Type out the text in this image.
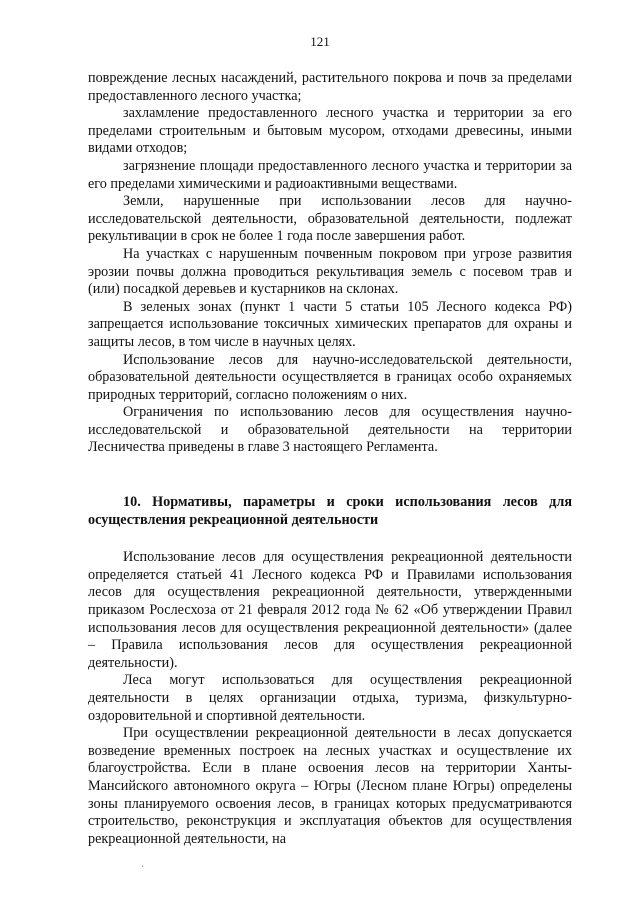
121

повреждение лесных насаждений, растительного покрова и почв за пределами предоставленного лесного участка;

захламление предоставленного лесного участка и территории за его пределами строительным и бытовым мусором, отходами древесины, иными видами отходов;

загрязнение площади предоставленного лесного участка и территории за его пределами химическими и радиоактивными веществами.

Земли, нарушенные при использовании лесов для научно-исследовательской деятельности, образовательной деятельности, подлежат рекультивации в срок не более 1 года после завершения работ.

На участках с нарушенным почвенным покровом при угрозе развития эрозии почвы должна проводиться рекультивация земель с посевом трав и (или) посадкой деревьев и кустарников на склонах.

В зеленых зонах (пункт 1 части 5 статьи 105 Лесного кодекса РФ) запрещается использование токсичных химических препаратов для охраны и защиты лесов, в том числе в научных целях.

Использование лесов для научно-исследовательской деятельности, образовательной деятельности осуществляется в границах особо охраняемых природных территорий, согласно положениям о них.

Ограничения по использованию лесов для осуществления научно-исследовательской и образовательной деятельности на территории Лесничества приведены в главе 3 настоящего Регламента.

10. Нормативы, параметры и сроки использования лесов для осуществления рекреационной деятельности

Использование лесов для осуществления рекреационной деятельности определяется статьей 41 Лесного кодекса РФ и Правилами использования лесов для осуществления рекреационной деятельности, утвержденными приказом Рослесхоза от 21 февраля 2012 года № 62 «Об утверждении Правил использования лесов для осуществления рекреационной деятельности» (далее – Правила использования лесов для осуществления рекреационной деятельности).

Леса могут использоваться для осуществления рекреационной деятельности в целях организации отдыха, туризма, физкультурно-оздоровительной и спортивной деятельности.

При осуществлении рекреационной деятельности в лесах допускается возведение временных построек на лесных участках и осуществление их благоустройства. Если в плане освоения лесов на территории Ханты-Мансийского автономного округа – Югры (Лесном плане Югры) определены зоны планируемого освоения лесов, в границах которых предусматриваются строительство, реконструкция и эксплуатация объектов для осуществления рекреационной деятельности, на

·
